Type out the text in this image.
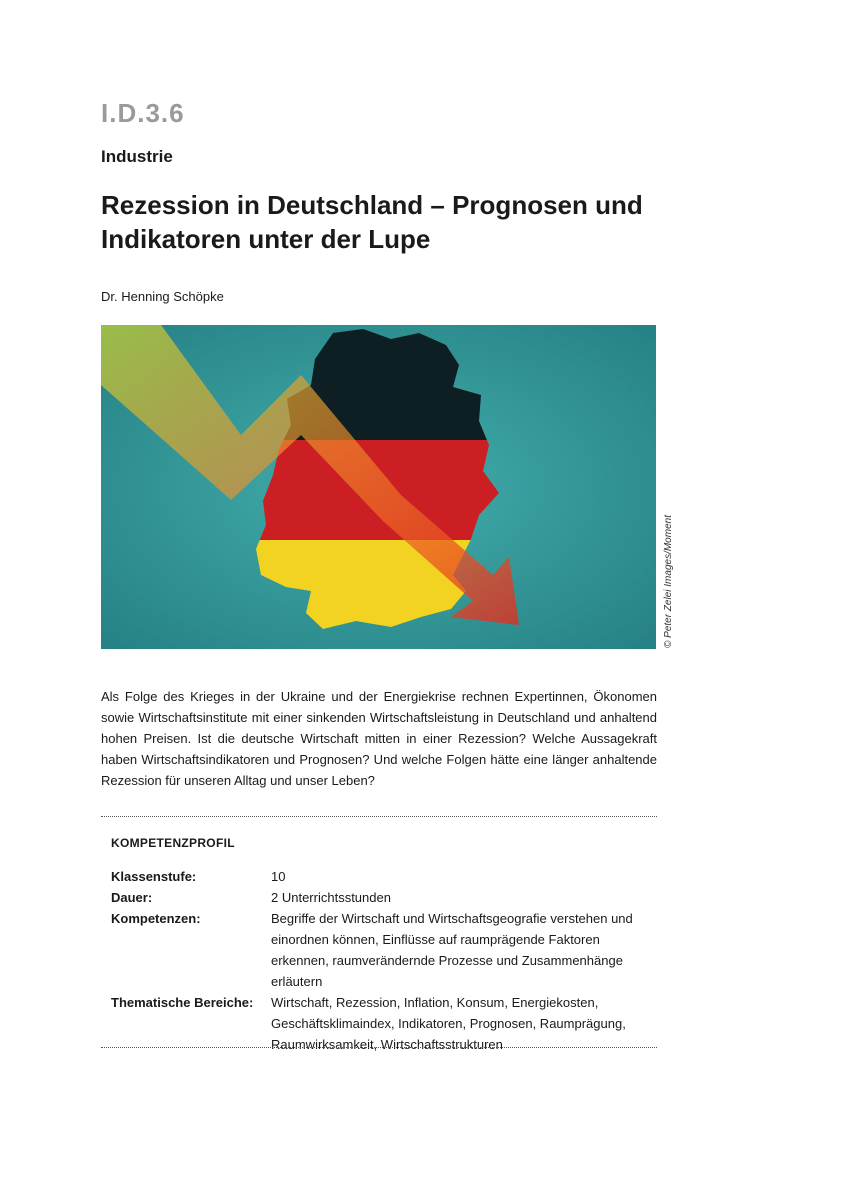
I.D.3.6
Industrie
Rezession in Deutschland – Prognosen und
Indikatoren unter der Lupe
Dr. Henning Schöpke
© Peter Zelei Images/Moment

Als Folge des Krieges in der Ukraine und der Energiekrise rechnen Expertinnen, Ökonomen sowie Wirtschaftsinstitute mit einer sinkenden Wirtschaftsleistung in Deutschland und anhaltend hohen Preisen. Ist die deutsche Wirtschaft mitten in einer Rezession? Welche Aussagekraft haben Wirtschaftsindikatoren und Prognosen? Und welche Folgen hätte eine länger anhaltende Rezession für unseren Alltag und unser Leben?

KOMPETENZPROFIL
Klassenstufe:	10
Dauer:	2 Unterrichtsstunden
Kompetenzen:	Begriffe der Wirtschaft und Wirtschaftsgeografie verstehen und einordnen können, Einflüsse auf raumprägende Faktoren erkennen, raumverändernde Prozesse und Zusammenhänge erläutern
Thematische Bereiche:	Wirtschaft, Rezession, Inflation, Konsum, Energiekosten, Geschäftsklimaindex, Indikatoren, Prognosen, Raumprägung, Raumwirksamkeit, Wirtschaftsstrukturen
